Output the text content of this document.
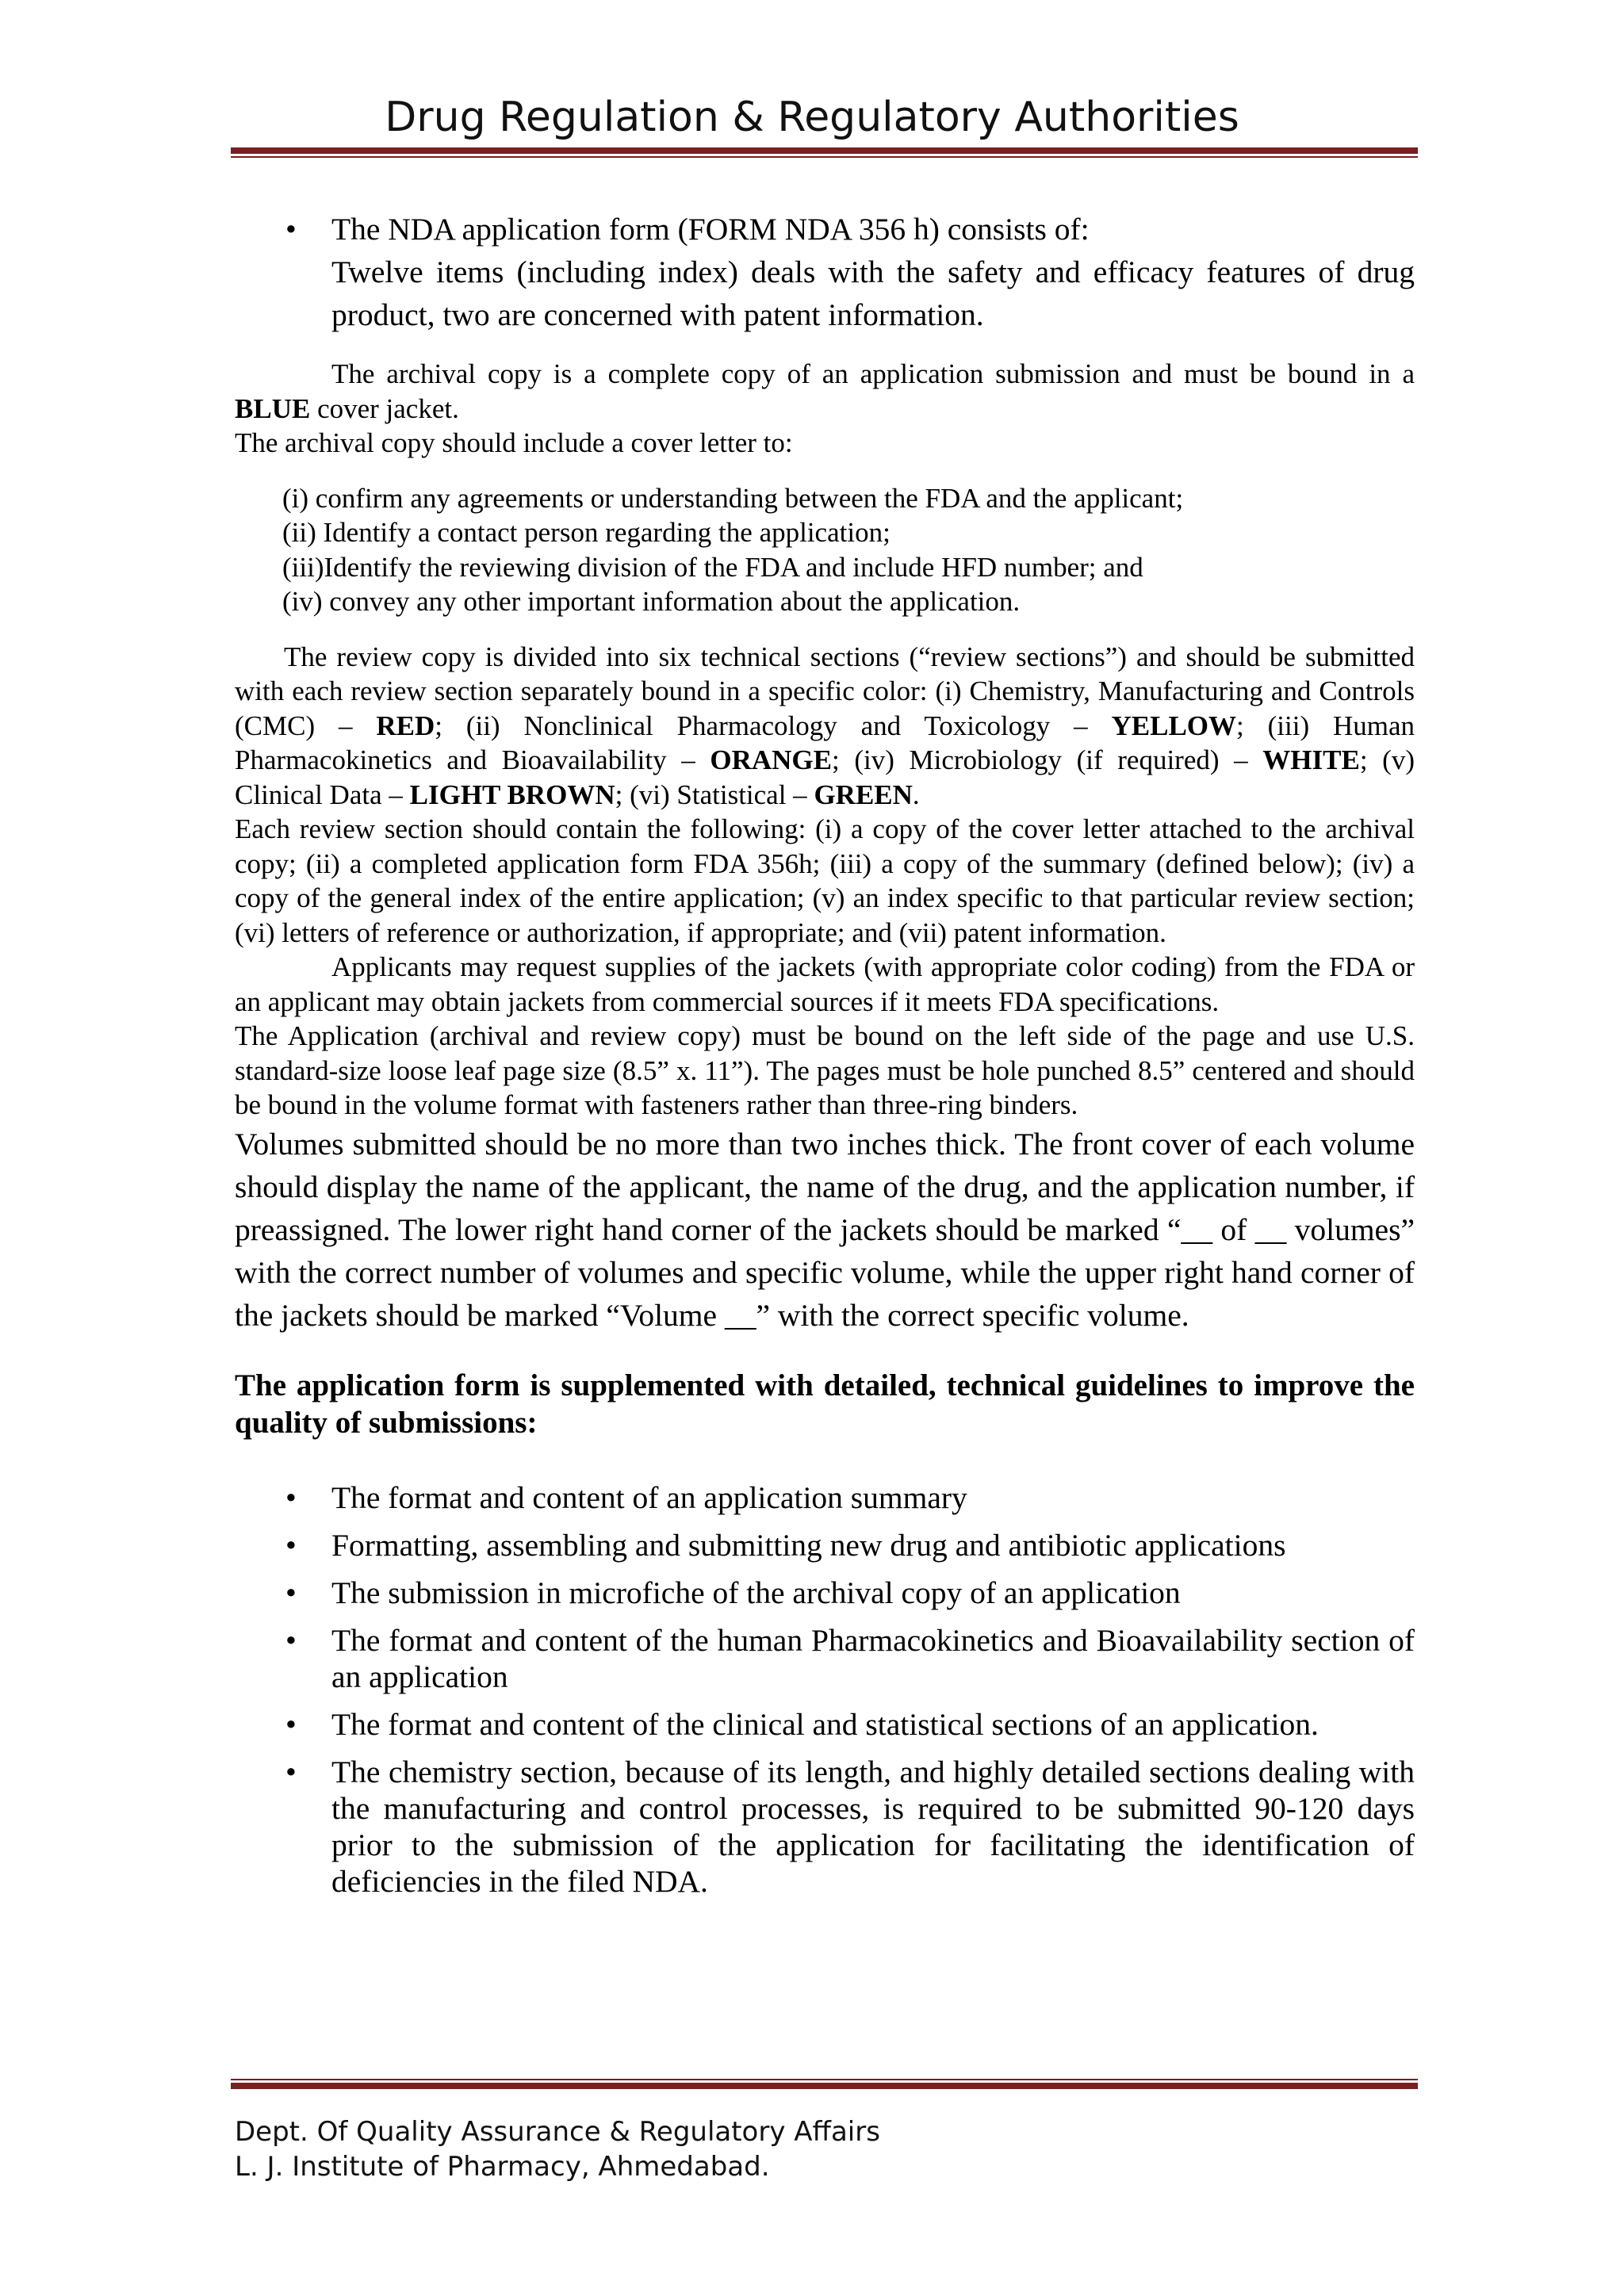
Drug Regulation & Regulatory Authorities
• The NDA application form (FORM NDA 356 h) consists of:
Twelve items (including index) deals with the safety and efficacy features of drug product, two are concerned with patent information.
The archival copy is a complete copy of an application submission and must be bound in a BLUE cover jacket.
The archival copy should include a cover letter to:
(i) confirm any agreements or understanding between the FDA and the applicant;
(ii) Identify a contact person regarding the application;
(iii)Identify the reviewing division of the FDA and include HFD number; and
(iv) convey any other important information about the application.
The review copy is divided into six technical sections (“review sections”) and should be submitted with each review section separately bound in a specific color: (i) Chemistry, Manufacturing and Controls (CMC) – RED; (ii) Nonclinical Pharmacology and Toxicology – YELLOW; (iii) Human Pharmacokinetics and Bioavailability – ORANGE; (iv) Microbiology (if required) – WHITE; (v) Clinical Data – LIGHT BROWN; (vi) Statistical – GREEN.
Each review section should contain the following: (i) a copy of the cover letter attached to the archival copy; (ii) a completed application form FDA 356h; (iii) a copy of the summary (defined below); (iv) a copy of the general index of the entire application; (v) an index specific to that particular review section; (vi) letters of reference or authorization, if appropriate; and (vii) patent information.
Applicants may request supplies of the jackets (with appropriate color coding) from the FDA or an applicant may obtain jackets from commercial sources if it meets FDA specifications.
The Application (archival and review copy) must be bound on the left side of the page and use U.S. standard-size loose leaf page size (8.5” x. 11”). The pages must be hole punched 8.5” centered and should be bound in the volume format with fasteners rather than three-ring binders.
Volumes submitted should be no more than two inches thick. The front cover of each volume should display the name of the applicant, the name of the drug, and the application number, if preassigned. The lower right hand corner of the jackets should be marked “__ of __ volumes” with the correct number of volumes and specific volume, while the upper right hand corner of the jackets should be marked “Volume __” with the correct specific volume.
The application form is supplemented with detailed, technical guidelines to improve the quality of submissions:
• The format and content of an application summary
• Formatting, assembling and submitting new drug and antibiotic applications
• The submission in microfiche of the archival copy of an application
• The format and content of the human Pharmacokinetics and Bioavailability section of an application
• The format and content of the clinical and statistical sections of an application.
• The chemistry section, because of its length, and highly detailed sections dealing with the manufacturing and control processes, is required to be submitted 90-120 days prior to the submission of the application for facilitating the identification of deficiencies in the filed NDA.
Dept. Of Quality Assurance & Regulatory Affairs
L. J. Institute of Pharmacy, Ahmedabad.
